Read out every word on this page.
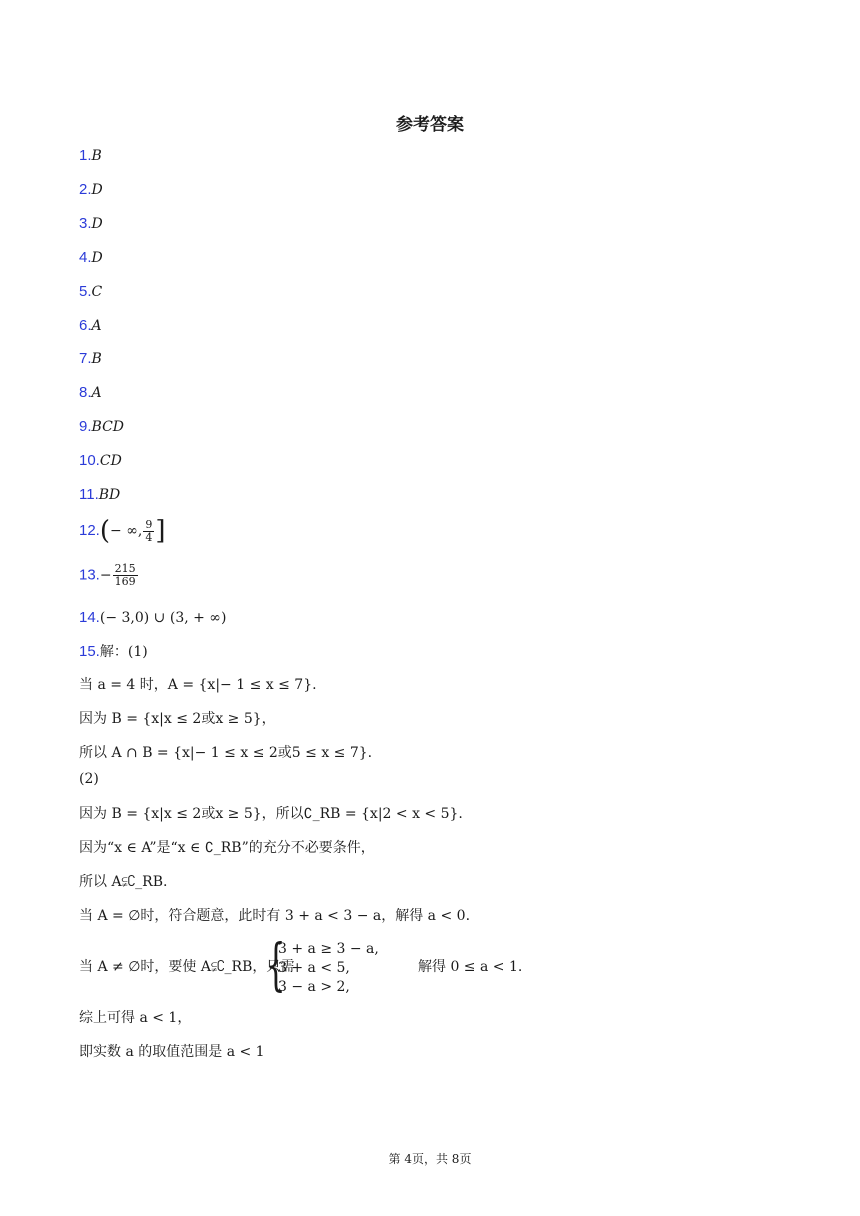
参考答案
1.B
2.D
3.D
4.D
5.C
6.A
7.B
8.A
9.BCD
10.CD
11.BD
12.(− ∞, $\frac{9}{4}$ ]
$13.- \frac{215}{169}$
14.(− 3,0) ∪ (3, + ∞)
15.解：(1)
当 a = 4 时，A = {x|− 1 ≤ x ≤ 7}.
因为 B = {x|x ≤ 2或x ≥ 5}，
所以 A ∩ B = {x|− 1 ≤ x ≤ 2或5 ≤ x ≤ 7}.
(2)
因为 B = {x|x ≤ 2或x ≥ 5}，所以∁_RB = {x|2 < x < 5}.
因为“x ∈ A”是“x ∈ ∁_RB”的充分不必要条件，
所以 A⫋∁_RB.
当 A = ∅时，符合题意，此时有 3 + a < 3 − a，解得 a < 0.
当 A ≠ ∅时，要使 A⫋∁_RB，只需
{
3 + a ≥ 3 − a,
3 + a < 5,
3 − a > 2,
解得 0 ≤ a < 1.
综上可得 a < 1，
即实数 a 的取值范围是 a < 1
第 4页，共 8页
